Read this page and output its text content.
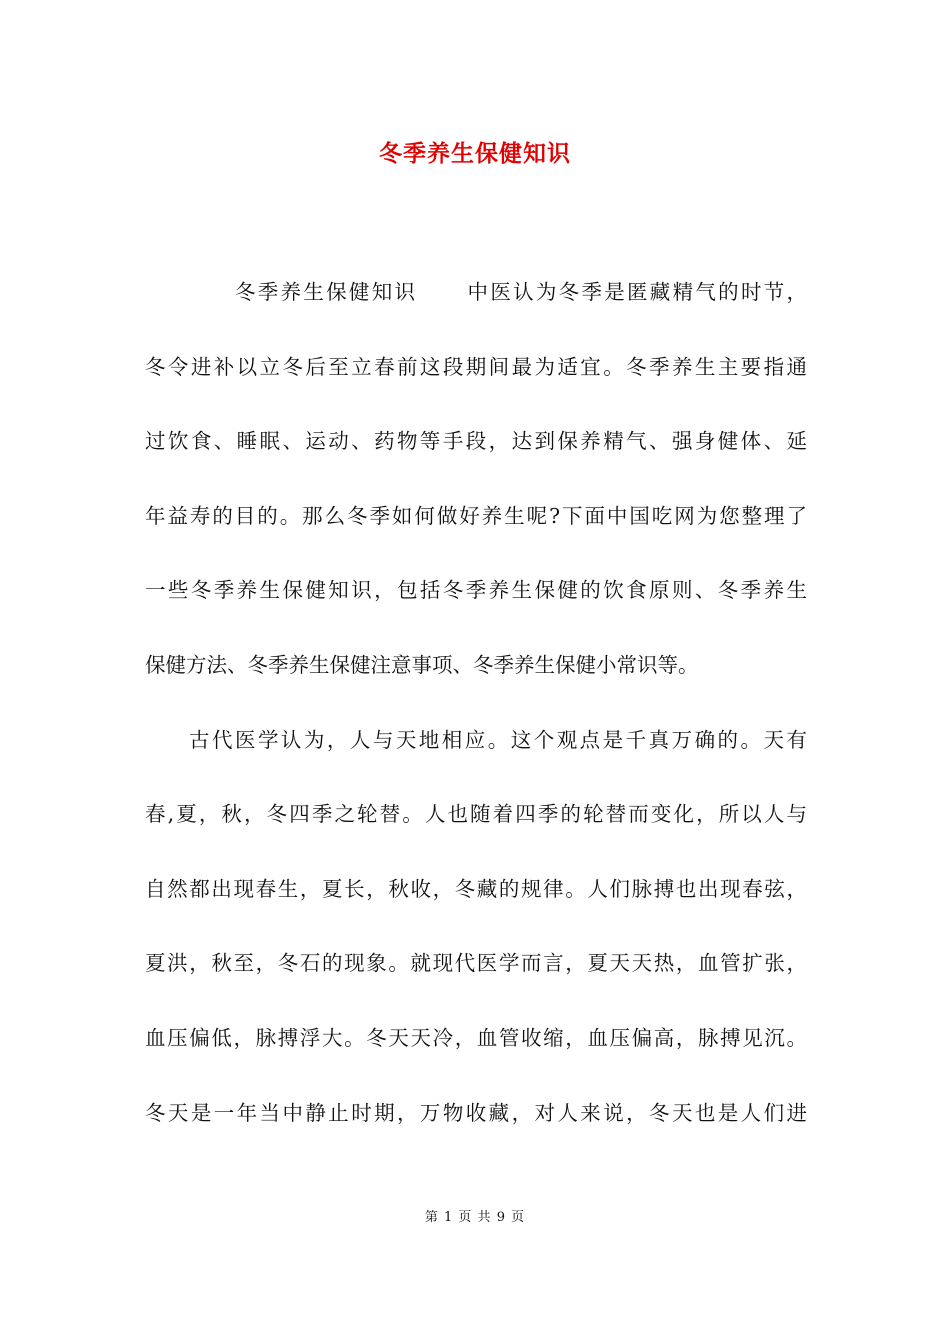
冬季养生保健知识
冬季养生保健知识 中医认为冬季是匿藏精气的时节，
冬令进补以立冬后至立春前这段期间最为适宜。冬季养生主要指通
过饮食、睡眠、运动、药物等手段，达到保养精气、强身健体、延
年益寿的目的。那么冬季如何做好养生呢?下面中国吃网为您整理了
一些冬季养生保健知识，包括冬季养生保健的饮食原则、冬季养生
保健方法、冬季养生保健注意事项、冬季养生保健小常识等。
古代医学认为，人与天地相应。这个观点是千真万确的。天有
春,夏，秋，冬四季之轮替。人也随着四季的轮替而变化，所以人与
自然都出现春生，夏长，秋收，冬藏的规律。人们脉搏也出现春弦，
夏洪，秋至，冬石的现象。就现代医学而言，夏天天热，血管扩张，
血压偏低，脉搏浮大。冬天天冷，血管收缩，血压偏高，脉搏见沉。
冬天是一年当中静止时期，万物收藏，对人来说，冬天也是人们进
第 1 页 共 9 页
